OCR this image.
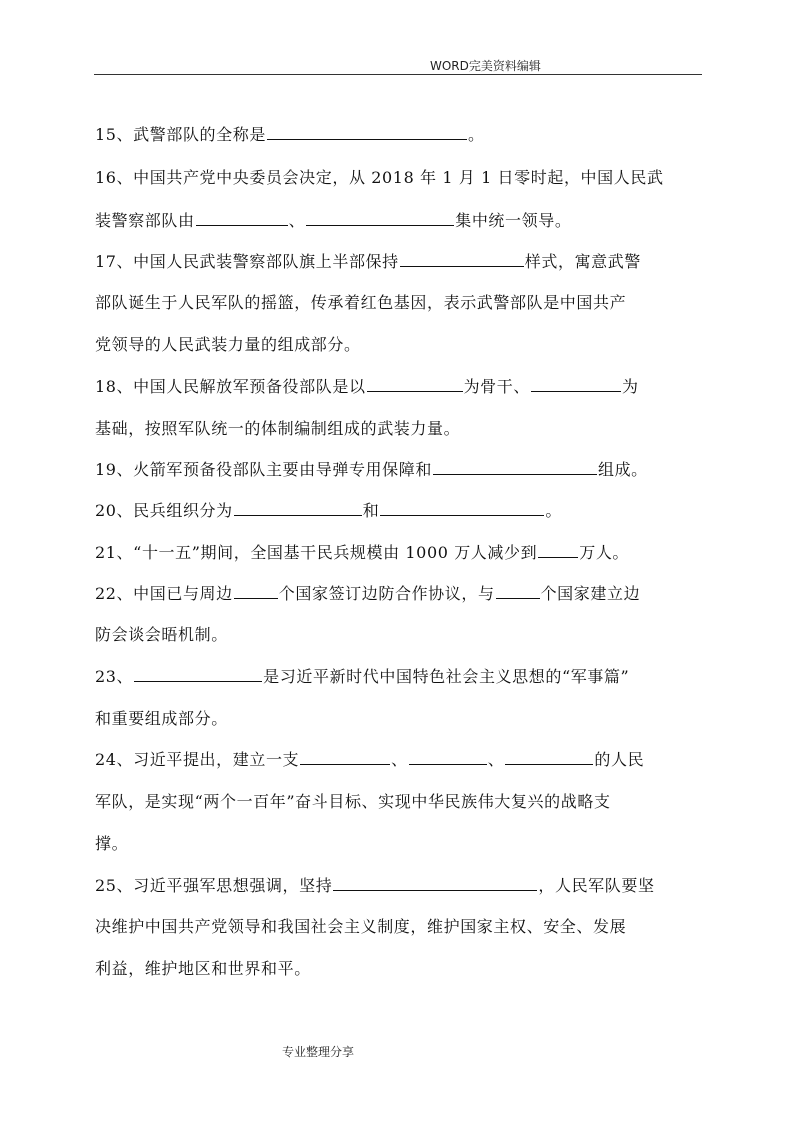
WORD完美资料编辑
15、武警部队的全称是	。
16、中国共产党中央委员会决定，从 2018 年 1 月 1 日零时起，中国人民武
装警察部队由	、	集中统一领导。
17、中国人民武装警察部队旗上半部保持	样式，寓意武警
部队诞生于人民军队的摇篮，传承着红色基因，表示武警部队是中国共产
党领导的人民武装力量的组成部分。
18、中国人民解放军预备役部队是以	为骨干、	为
基础，按照军队统一的体制编制组成的武装力量。
19、火箭军预备役部队主要由导弹专用保障和	组成。
20、民兵组织分为	和	。
21、“十一五”期间，全国基干民兵规模由 1000 万人减少到	万人。
22、中国已与周边	个国家签订边防合作协议，与	个国家建立边
防会谈会晤机制。
23、	是习近平新时代中国特色社会主义思想的“军事篇”
和重要组成部分。
24、习近平提出，建立一支	、	、	的人民
军队，是实现“两个一百年”奋斗目标、实现中华民族伟大复兴的战略支
撑。
25、习近平强军思想强调，坚持	，人民军队要坚
决维护中国共产党领导和我国社会主义制度，维护国家主权、安全、发展
利益，维护地区和世界和平。
专业整理分享
